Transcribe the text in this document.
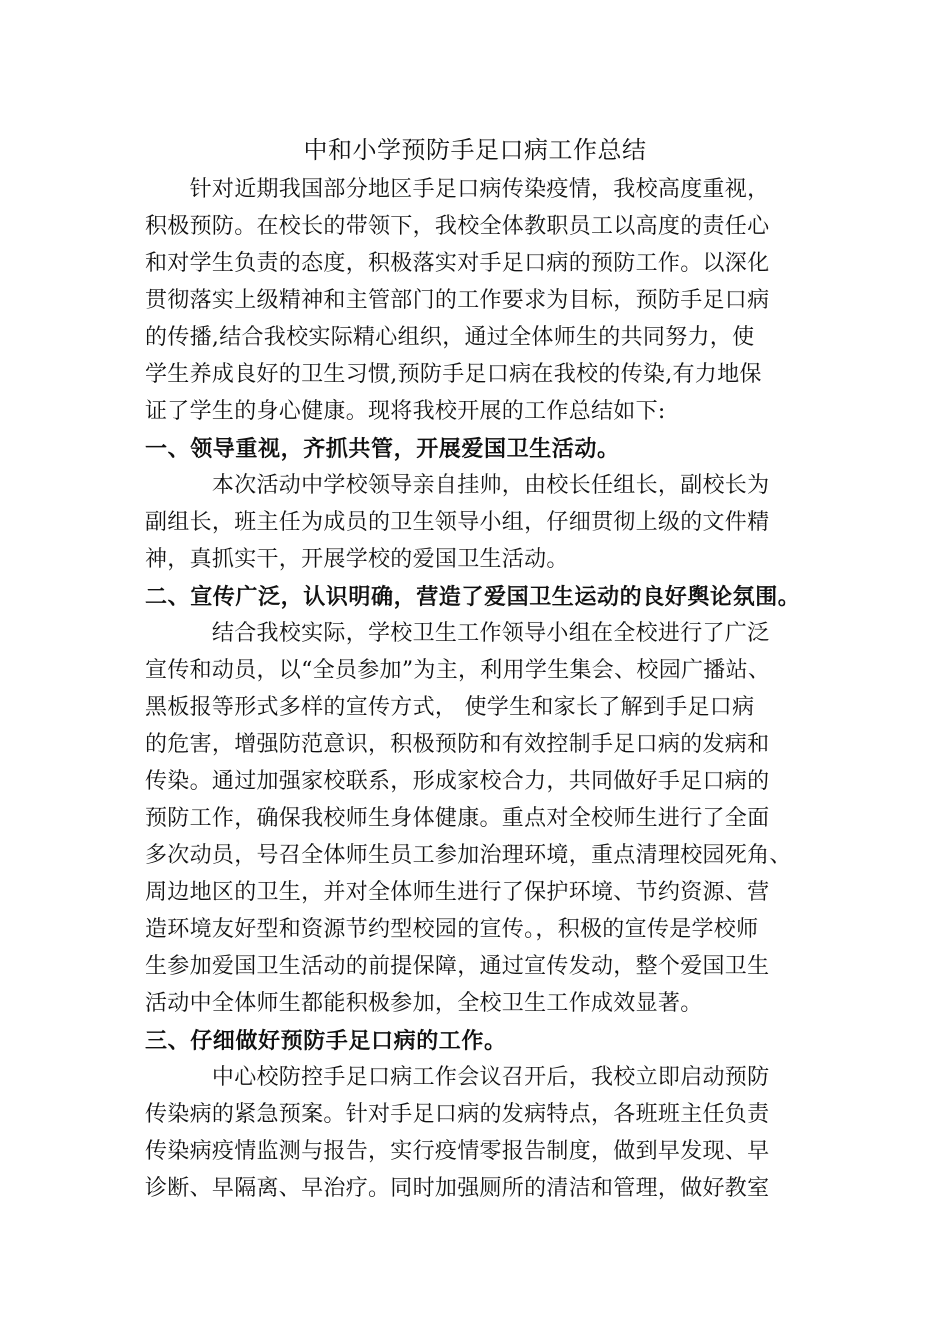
中和小学预防手足口病工作总结
　　针对近期我国部分地区手足口病传染疫情，我校高度重视，
积极预防。在校长的带领下，我校全体教职员工以高度的责任心
和对学生负责的态度，积极落实对手足口病的预防工作。以深化
贯彻落实上级精神和主管部门的工作要求为目标，预防手足口病
的传播,结合我校实际精心组织，通过全体师生的共同努力，使
学生养成良好的卫生习惯,预防手足口病在我校的传染,有力地保
证了学生的身心健康。现将我校开展的工作总结如下:
一、领导重视，齐抓共管，开展爱国卫生活动。
　　　本次活动中学校领导亲自挂帅，由校长任组长，副校长为
副组长，班主任为成员的卫生领导小组，仔细贯彻上级的文件精
神，真抓实干，开展学校的爱国卫生活动。
二、宣传广泛，认识明确，营造了爱国卫生运动的良好舆论氛围。
　　　结合我校实际，学校卫生工作领导小组在全校进行了广泛
宣传和动员，以“全员参加”为主，利用学生集会、校园广播站、
黑板报等形式多样的宣传方式， 使学生和家长了解到手足口病
的危害，增强防范意识，积极预防和有效控制手足口病的发病和
传染。通过加强家校联系，形成家校合力，共同做好手足口病的
预防工作，确保我校师生身体健康。重点对全校师生进行了全面
多次动员，号召全体师生员工参加治理环境，重点清理校园死角、
周边地区的卫生，并对全体师生进行了保护环境、节约资源、营
造环境友好型和资源节约型校园的宣传。，积极的宣传是学校师
生参加爱国卫生活动的前提保障，通过宣传发动，整个爱国卫生
活动中全体师生都能积极参加，全校卫生工作成效显著。
三、仔细做好预防手足口病的工作。
　　　中心校防控手足口病工作会议召开后，我校立即启动预防
传染病的紧急预案。针对手足口病的发病特点，各班班主任负责
传染病疫情监测与报告，实行疫情零报告制度，做到早发现、早
诊断、早隔离、早治疗。同时加强厕所的清洁和管理，做好教室
